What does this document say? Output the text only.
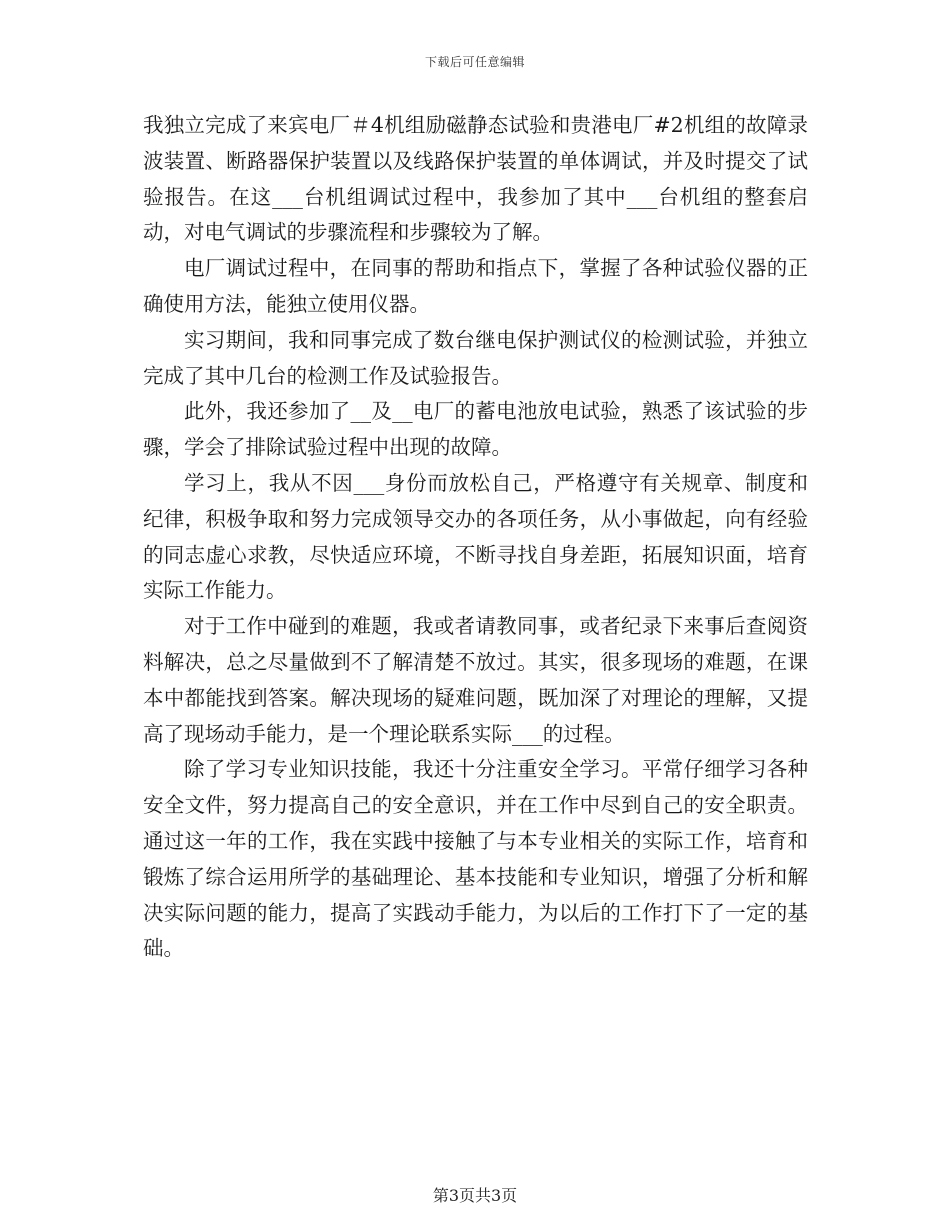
下载后可任意编辑

我独立完成了来宾电厂＃4机组励磁静态试验和贵港电厂#2机组的故障录波装置、断路器保护装置以及线路保护装置的单体调试，并及时提交了试验报告。在这___台机组调试过程中，我参加了其中___台机组的整套启动，对电气调试的步骤流程和步骤较为了解。

电厂调试过程中，在同事的帮助和指点下，掌握了各种试验仪器的正确使用方法，能独立使用仪器。

实习期间，我和同事完成了数台继电保护测试仪的检测试验，并独立完成了其中几台的检测工作及试验报告。

此外，我还参加了__及__电厂的蓄电池放电试验，熟悉了该试验的步骤，学会了排除试验过程中出现的故障。

学习上，我从不因___身份而放松自己，严格遵守有关规章、制度和纪律，积极争取和努力完成领导交办的各项任务，从小事做起，向有经验的同志虚心求教，尽快适应环境，不断寻找自身差距，拓展知识面，培育实际工作能力。

对于工作中碰到的难题，我或者请教同事，或者纪录下来事后查阅资料解决，总之尽量做到不了解清楚不放过。其实，很多现场的难题，在课本中都能找到答案。解决现场的疑难问题，既加深了对理论的理解，又提高了现场动手能力，是一个理论联系实际___的过程。

除了学习专业知识技能，我还十分注重安全学习。平常仔细学习各种安全文件，努力提高自己的安全意识，并在工作中尽到自己的安全职责。通过这一年的工作，我在实践中接触了与本专业相关的实际工作，培育和锻炼了综合运用所学的基础理论、基本技能和专业知识，增强了分析和解决实际问题的能力，提高了实践动手能力，为以后的工作打下了一定的基础。

第3页共3页
